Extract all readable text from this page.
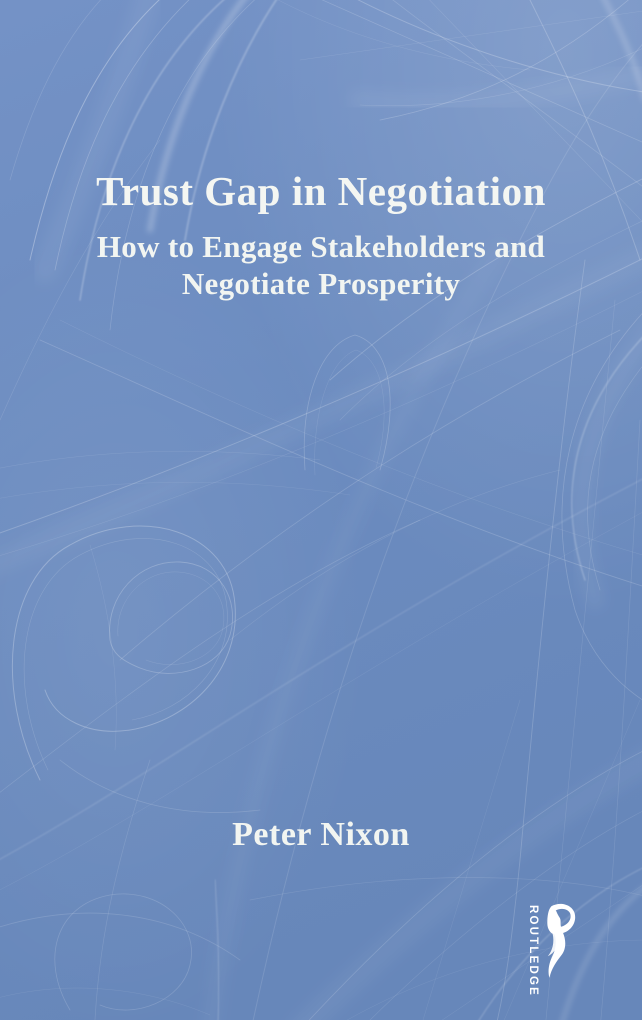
Trust Gap in Negotiation
How to Engage Stakeholders and
Negotiate Prosperity
Peter Nixon
ROUTLEDGE
